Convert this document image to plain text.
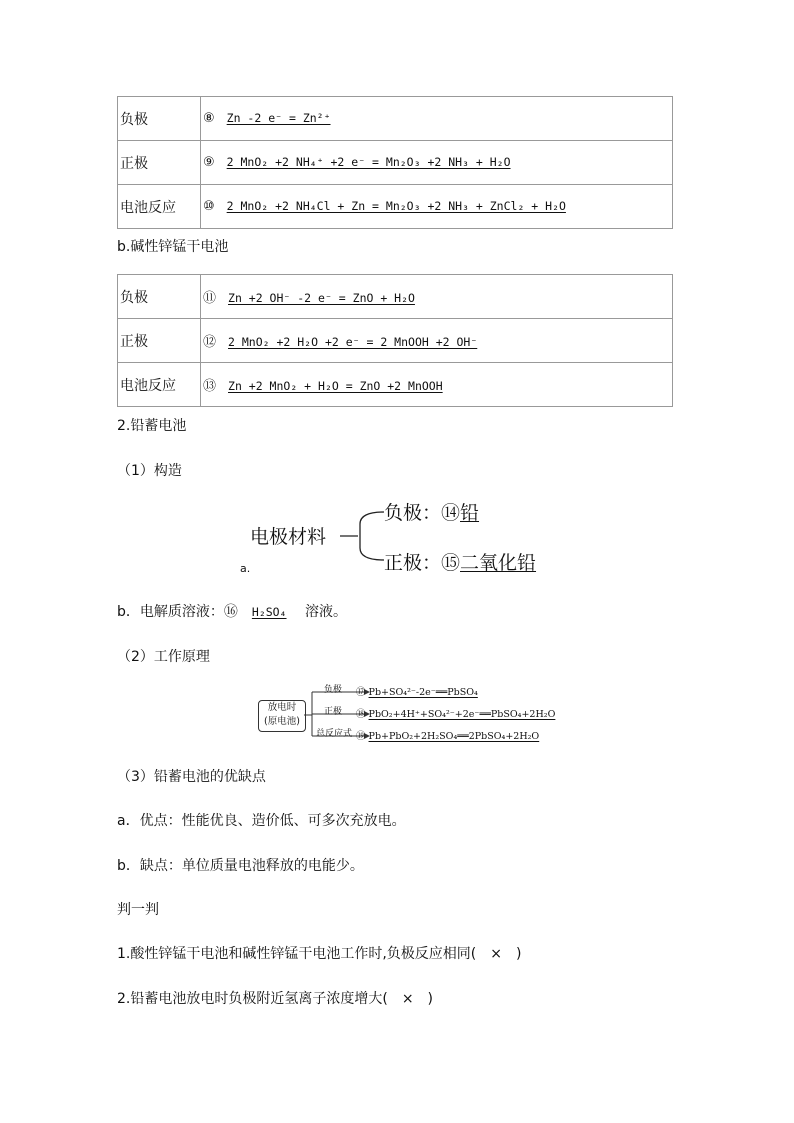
负极	⑧ Zn -2 e⁻ = Zn²⁺
正极	⑨ 2 MnO₂ +2 NH₄⁺ +2 e⁻ = Mn₂O₃ +2 NH₃ + H₂O
电池反应	⑩ 2 MnO₂ +2 NH₄Cl + Zn = Mn₂O₃ +2 NH₃ + ZnCl₂ + H₂O
b.碱性锌锰干电池
负极	⑪ Zn +2 OH⁻ -2 e⁻ = ZnO + H₂O
正极	⑫ 2 MnO₂ +2 H₂O +2 e⁻ = 2 MnOOH +2 OH⁻
电池反应	⑬ Zn +2 MnO₂ + H₂O = ZnO +2 MnOOH
2.铅蓄电池
（1）构造
电极材料
负极：⑭铅
正极：⑮二氧化铅
a.
b．电解质溶液：⑯　 H₂SO₄　 溶液。
（2）工作原理
放电时
(原电池)
负极
正极
总反应式
⑰ Pb+SO₄²⁻-2e⁻══PbSO₄
⑱ PbO₂+4H⁺+SO₄²⁻+2e⁻══PbSO₄+2H₂O
⑲ Pb+PbO₂+2H₂SO₄══2PbSO₄+2H₂O
（3）铅蓄电池的优缺点
a．优点：性能优良、造价低、可多次充放电。
b．缺点：单位质量电池释放的电能少。
判一判
1.酸性锌锰干电池和碱性锌锰干电池工作时,负极反应相同(　×　)
2.铅蓄电池放电时负极附近氢离子浓度增大(　×　)
